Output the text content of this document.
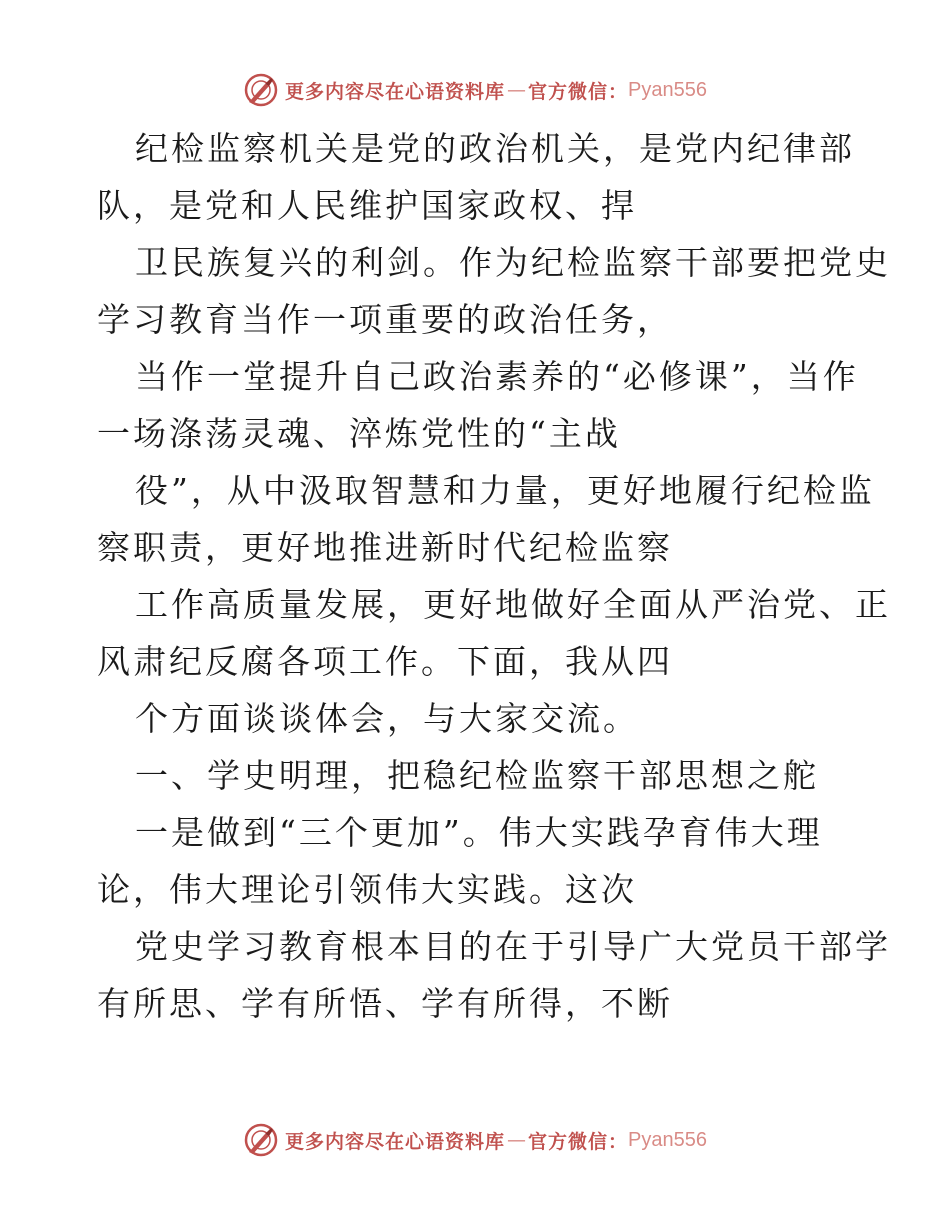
更多内容尽在心语资料库 — 官方微信： Pyan556
纪检监察机关是党的政治机关，是党内纪律部
队，是党和人民维护国家政权、捍
卫民族复兴的利剑。作为纪检监察干部要把党史
学习教育当作一项重要的政治任务，
当作一堂提升自己政治素养的“必修课”，当作
一场涤荡灵魂、淬炼党性的“主战
役”，从中汲取智慧和力量，更好地履行纪检监
察职责，更好地推进新时代纪检监察
工作高质量发展，更好地做好全面从严治党、正
风肃纪反腐各项工作。下面，我从四
个方面谈谈体会，与大家交流。
一、学史明理，把稳纪检监察干部思想之舵
一是做到“三个更加”。伟大实践孕育伟大理
论，伟大理论引领伟大实践。这次
党史学习教育根本目的在于引导广大党员干部学
有所思、学有所悟、学有所得，不断
更多内容尽在心语资料库 — 官方微信： Pyan556
